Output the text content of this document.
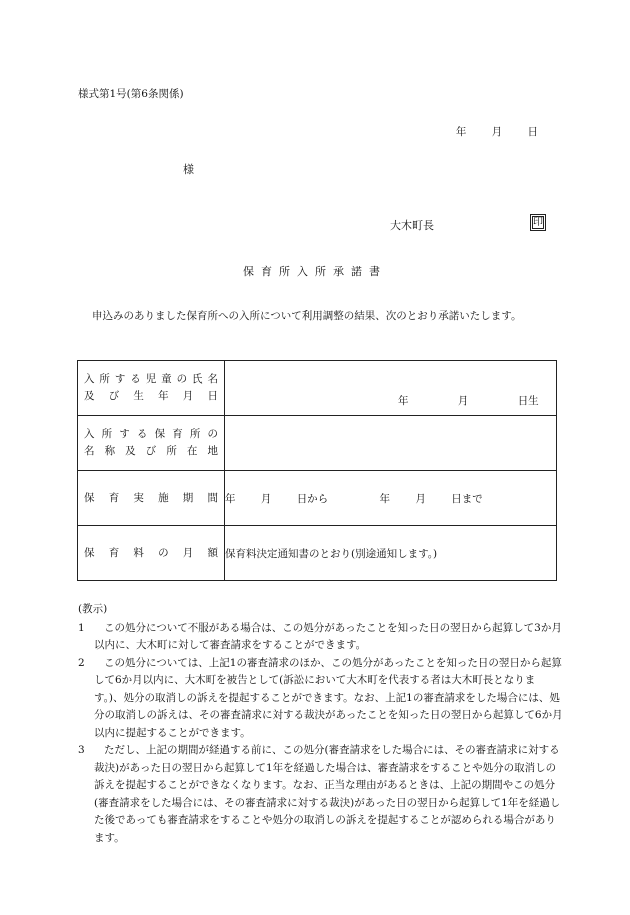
様式第1号(第6条関係)
年 月 日
様
大木町長	印
保育所入所承諾書
申込みのありました保育所への入所について利用調整の結果、次のとおり承諾いたします。
入所する児童の氏名
及び生年月日	年 月 日生

入所する保育所の
名称及び所在地	

保育実施期間	年 月 日から 年 月 日まで
保育料の月額	保育料決定通知書のとおり(別途通知します。)
(教示)
1	この処分について不服がある場合は、この処分があったことを知った日の翌日から起算して3か月以内に、大木町に対して審査請求をすることができます。
2	この処分については、上記1の審査請求のほか、この処分があったことを知った日の翌日から起算して6か月以内に、大木町を被告として(訴訟において大木町を代表する者は大木町長となります。)、処分の取消しの訴えを提起することができます。なお、上記1の審査請求をした場合には、処分の取消しの訴えは、その審査請求に対する裁決があったことを知った日の翌日から起算して6か月以内に提起することができます。
3	ただし、上記の期間が経過する前に、この処分(審査請求をした場合には、その審査請求に対する裁決)があった日の翌日から起算して1年を経過した場合は、審査請求をすることや処分の取消しの訴えを提起することができなくなります。なお、正当な理由があるときは、上記の期間やこの処分(審査請求をした場合には、その審査請求に対する裁決)があった日の翌日から起算して1年を経過した後であっても審査請求をすることや処分の取消しの訴えを提起することが認められる場合があります。
